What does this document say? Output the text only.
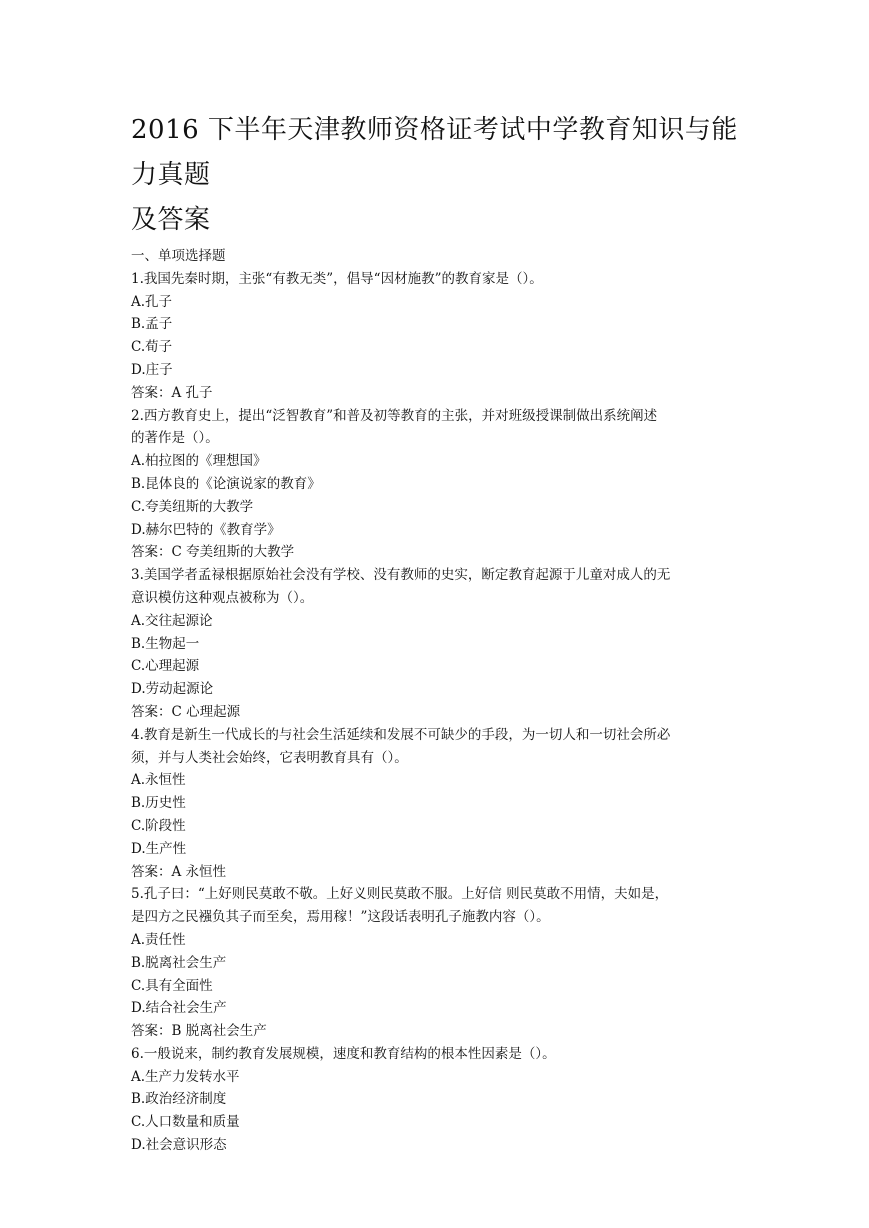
2016 下半年天津教师资格证考试中学教育知识与能力真题
及答案

一、单项选择题

1.我国先秦时期，主张“有教无类”，倡导“因材施教”的教育家是（）。

A.孔子

B.孟子

C.荀子

D.庄子

答案：A 孔子

2.西方教育史上，提出“泛智教育”和普及初等教育的主张，并对班级授课制做出系统阐述

的著作是（）。

A.柏拉图的《理想国》

B.昆体良的《论演说家的教育》

C.夸美纽斯的大教学

D.赫尔巴特的《教育学》

答案：C 夸美纽斯的大教学

3.美国学者孟禄根据原始社会没有学校、没有教师的史实，断定教育起源于儿童对成人的无

意识模仿这种观点被称为（）。

A.交往起源论

B.生物起一

C.心理起源

D.劳动起源论

答案：C 心理起源

4.教育是新生一代成长的与社会生活延续和发展不可缺少的手段，为一切人和一切社会所必

须，并与人类社会始终，它表明教育具有（）。

A.永恒性

B.历史性

C.阶段性

D.生产性

答案：A 永恒性

5.孔子曰：“上好则民莫敢不敬。上好义则民莫敢不服。上好信 则民莫敢不用情，夫如是，

是四方之民襁负其子而至矣，焉用稼！”这段话表明孔子施教内容（）。

A.责任性

B.脱离社会生产

C.具有全面性

D.结合社会生产

答案：B 脱离社会生产

6.一般说来，制约教育发展规模，速度和教育结构的根本性因素是（）。

A.生产力发转水平

B.政治经济制度

C.人口数量和质量

D.社会意识形态
